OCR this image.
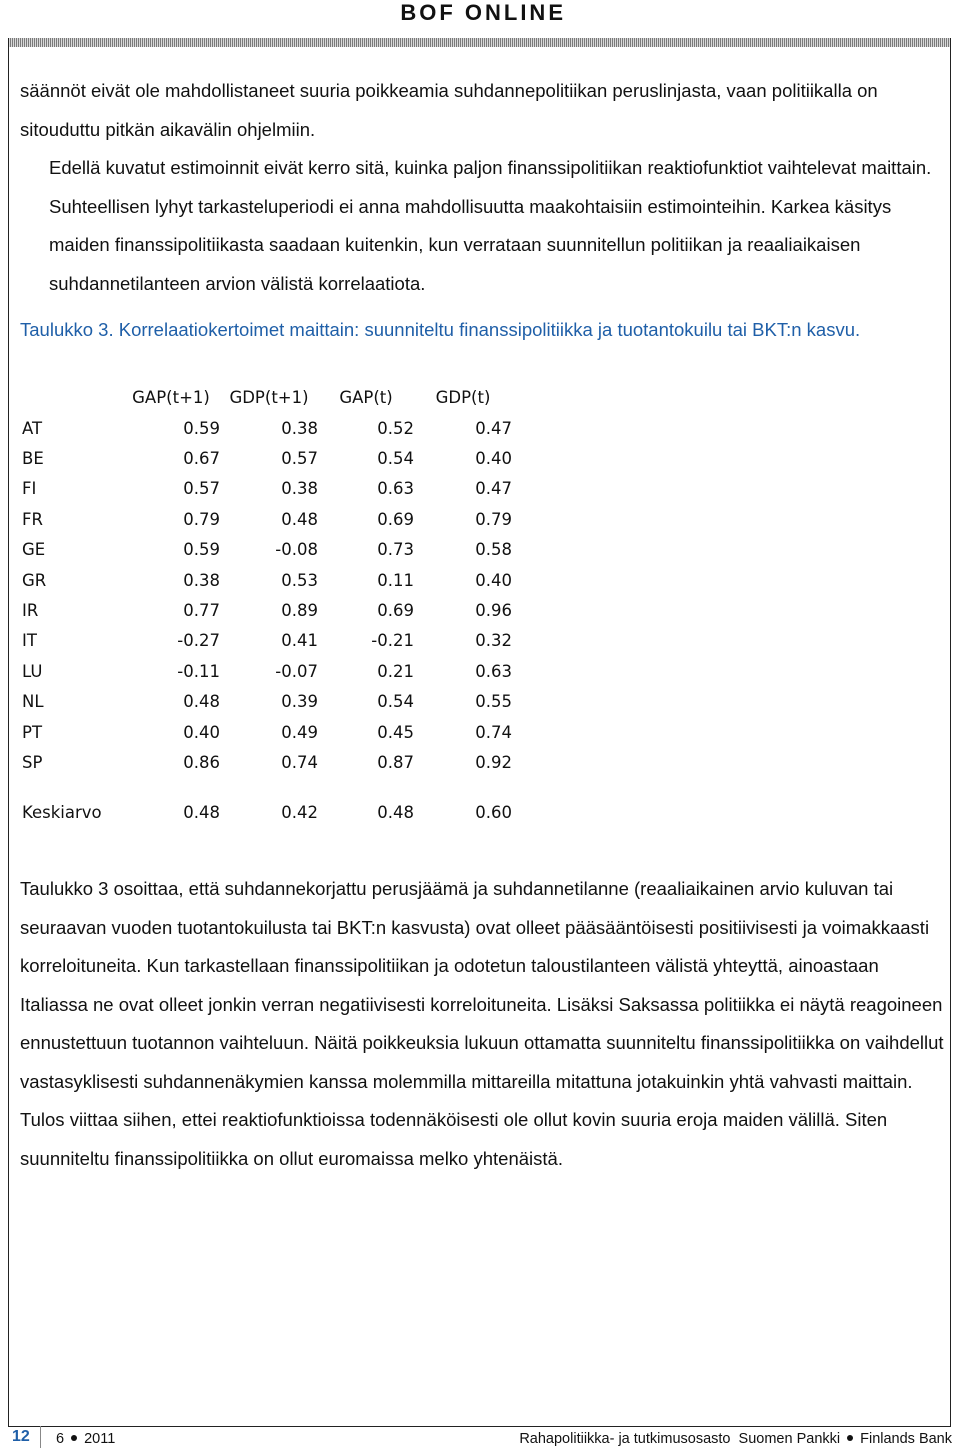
BOF ONLINE
säännöt eivät ole mahdollistaneet suuria poikkeamia suhdannepolitiikan peruslinjasta, vaan politiikalla on sitouduttu pitkän aikavälin ohjelmiin.
Edellä kuvatut estimoinnit eivät kerro sitä, kuinka paljon finanssipolitiikan reaktiofunktiot vaihtelevat maittain. Suhteellisen lyhyt tarkasteluperiodi ei anna mahdollisuutta maakohtaisiin estimointeihin. Karkea käsitys maiden finanssipolitiikasta saadaan kuitenkin, kun verrataan suunnitellun politiikan ja reaaliaikaisen suhdannetilanteen arvion välistä korrelaatiota.

Taulukko 3. Korrelaatiokertoimet maittain: suunniteltu finanssipolitiikka ja tuotantokuilu tai BKT:n kasvu.

	GAP(t+1)	GDP(t+1)	GAP(t)	GDP(t)
AT	0.59	0.38	0.52	0.47
BE	0.67	0.57	0.54	0.40
FI	0.57	0.38	0.63	0.47
FR	0.79	0.48	0.69	0.79
GE	0.59	-0.08	0.73	0.58
GR	0.38	0.53	0.11	0.40
IR	0.77	0.89	0.69	0.96
IT	-0.27	0.41	-0.21	0.32
LU	-0.11	-0.07	0.21	0.63
NL	0.48	0.39	0.54	0.55
PT	0.40	0.49	0.45	0.74
SP	0.86	0.74	0.87	0.92
Keskiarvo	0.48	0.42	0.48	0.60

Taulukko 3 osoittaa, että suhdannekorjattu perusjäämä ja suhdannetilanne (reaaliaikainen arvio kuluvan tai seuraavan vuoden tuotantokuilusta tai BKT:n kasvusta) ovat olleet pääsääntöisesti positiivisesti ja voimakkaasti korreloituneita. Kun tarkastellaan finanssipolitiikan ja odotetun taloustilanteen välistä yhteyttä, ainoastaan Italiassa ne ovat olleet jonkin verran negatiivisesti korreloituneita. Lisäksi Saksassa politiikka ei näytä reagoineen ennustettuun tuotannon vaihteluun. Näitä poikkeuksia lukuun ottamatta suunniteltu finanssipolitiikka on vaihdellut vastasyklisesti suhdannenäkymien kanssa molemmilla mittareilla mitattuna jotakuinkin yhtä vahvasti maittain. Tulos viittaa siihen, ettei reaktiofunktioissa todennäköisesti ole ollut kovin suuria eroja maiden välillä. Siten suunniteltu finanssipolitiikka on ollut euromaissa melko yhtenäistä.

12 6 2011	Rahapolitiikka- ja tutkimusosasto Suomen Pankki Finlands Bank
